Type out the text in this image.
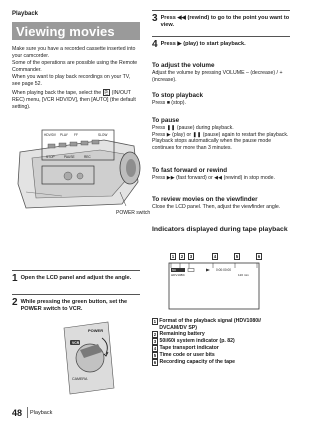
Playback
Viewing movies

Make sure you have a recorded cassette inserted into your camcorder.

Some of the operations are possible using the Remote Commander.

When you want to play back recordings on your TV, see page 52.

When playing back the tape, select the ⎘ (IN/OUT REC) menu, [VCR HDV/DV], then [AUTO] (the default setting).

POWER switch
HDV/DV PLAY FF	SLOW
STOP	PAUSE	REC
1 Open the LCD panel and adjust the angle.
2 While pressing the green button, set the POWER switch to VCR.
VCR
POWER
CAMERA
3 Press ◀◀ (rewind) to go to the point you want to view.
4 Press ▶ (play) to start playback.
To adjust the volume
Adjust the volume by pressing VOLUME – (decrease) / + (increase).
To stop playback
Press ■ (stop).
To pause
Press ❚❚ (pause) during playback.
Press ▶ (play) or ❚❚ (pause) again to restart the playback.
Playback stops automatically when the pause mode continues for more than 3 minutes.
To fast forward or rewind
Press ▶▶ (fast forward) or ◀◀ (rewind) in stop mode.
To review movies on the viewfinder
Close the LCD panel. Then, adjust the viewfinder angle.
Indicators displayed during tape playback
1	2	3	4	5	6
60i
HDV1080i
0:00:00:00
120 min
1 Format of the playback signal (HDV1080i/ DVCAM/DV SP)
2 Remaining battery
3 50i/60i system indicator (p. 82)
4 Tape transport indicator
5 Time code or user bits
6 Recording capacity of the tape
48 Playback
